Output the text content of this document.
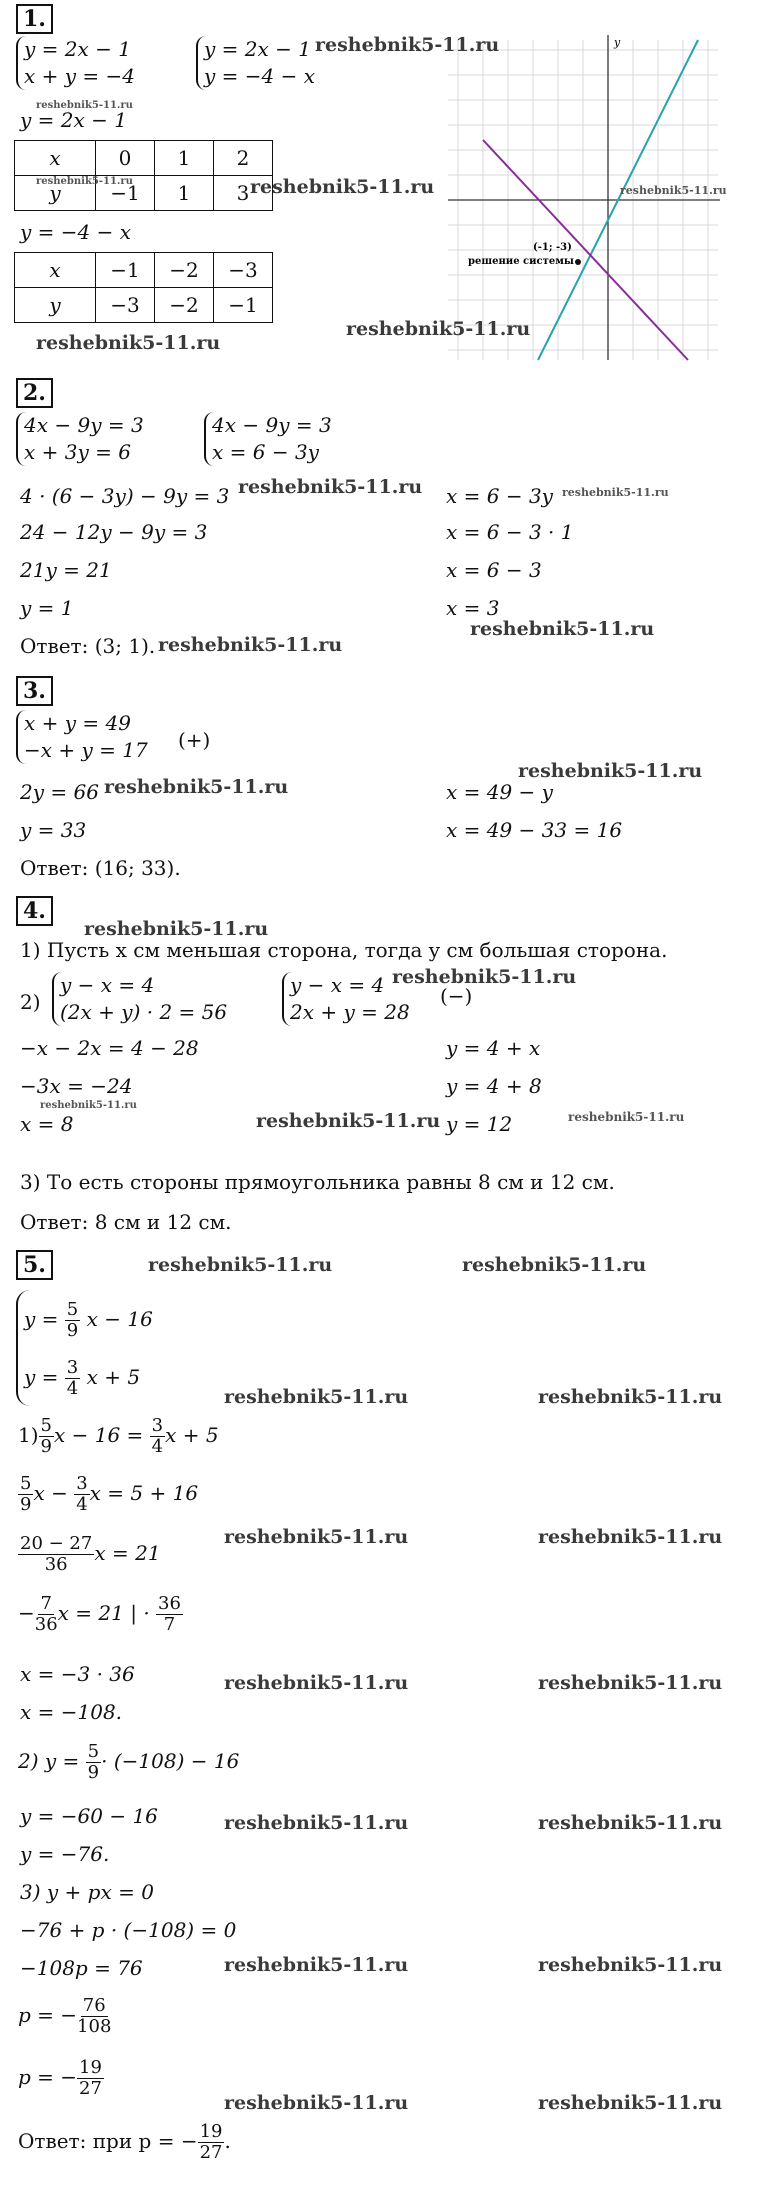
1.
y = 2x − 1
x + y = −4
y = 2x − 1
y = −4 − x
y = 2x − 1
x	0	1	2
y	−1	1	3
y = −4 − x
x	−1	−2	−3
y	−3	−2	−1
y
(-1; -3)
решение системы
reshebnik5-11.ru
reshebnik5-11.ru
reshebnik5-11.ru	reshebnik5-11.ru	reshebnik5-11.ru
reshebnik5-11.ru
reshebnik5-11.ru
2.
4x − 9y = 3
x + 3y = 6
4x − 9y = 3
x = 6 − 3y
4 · (6 − 3y) − 9y = 3
24 − 12y − 9y = 3
21y = 21
y = 1
x = 6 − 3y
x = 6 − 3 · 1
x = 6 − 3
x = 3
Ответ: (3; 1).
reshebnik5-11.ru	reshebnik5-11.ru
reshebnik5-11.ru
reshebnik5-11.ru
3.
x + y = 49
−x + y = 17 (+)
2y = 66
y = 33
x = 49 − y
x = 49 − 33 = 16
Ответ: (16; 33).
reshebnik5-11.ru
reshebnik5-11.ru
4.
reshebnik5-11.ru
1) Пусть x см меньшая сторона, тогда y см большая сторона.
2)
y − x = 4
(2x + y) · 2 = 56
y − x = 4
2x + y = 28
(−)
reshebnik5-11.ru
−x − 2x = 4 − 28
−3x = −24
x = 8
y = 4 + x
y = 4 + 8
y = 12
reshebnik5-11.ru
reshebnik5-11.ru	reshebnik5-11.ru
3) То есть стороны прямоугольника равны 8 см и 12 см.
Ответ: 8 см и 12 см.
5.	reshebnik5-11.ru	reshebnik5-11.ru
$y = \frac{5}{9}$ x − 16
$y = \frac{3}{4}$ x + 5
$1) \frac{5}{9}$ $x - 16 = \frac{3}{4}$ x + 5
$\frac{5}{9}$ $x - \frac{3}{4}$ x = 5 + 16
$\frac{20 - 27}{36}$ x = 21
− $\frac{7}{36}$ x = 21 | · $\frac{36}{7}$
x = −3 · 36
x = −108.
2) $y = \frac{5}{9} \cdot (-108) - 16$
y = −60 − 16
y = −76.
3) y + px = 0
−76 + p · (−108) = 0
−108p = 76
p = − $\frac{76}{108}$
p = − $\frac{19}{27}$
Ответ: при p = − $\frac{19}{27}$ .
reshebnik5-11.ru	reshebnik5-11.ru
reshebnik5-11.ru	reshebnik5-11.ru
reshebnik5-11.ru	reshebnik5-11.ru
reshebnik5-11.ru	reshebnik5-11.ru
reshebnik5-11.ru	reshebnik5-11.ru
reshebnik5-11.ru	reshebnik5-11.ru
